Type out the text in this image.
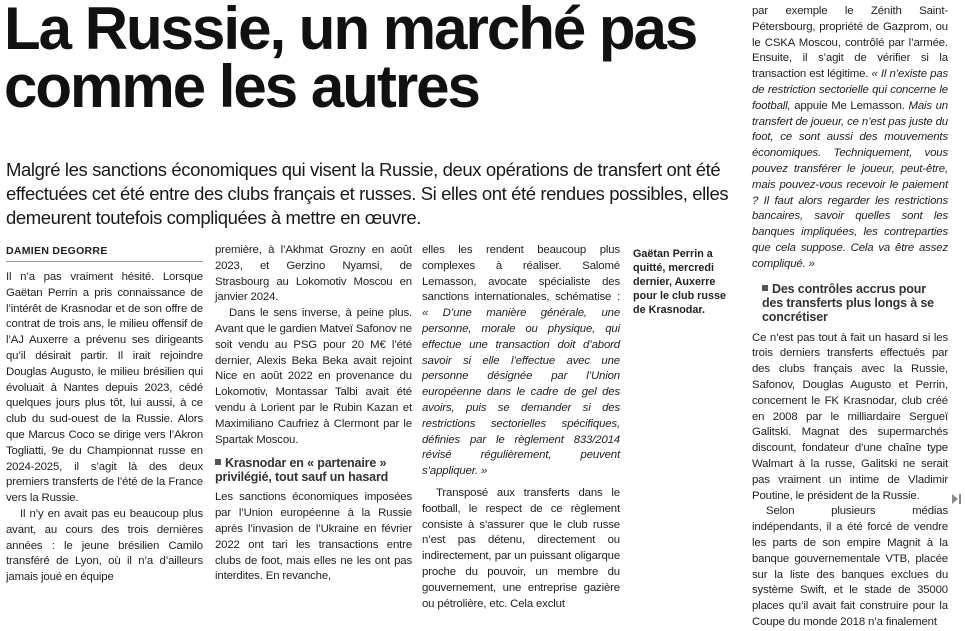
La Russie, un marché pas comme les autres

Malgré les sanctions économiques qui visent la Russie, deux opérations de transfert ont été effectuées cet été entre des clubs français et russes. Si elles ont été rendues possibles, elles demeurent toutefois compliquées à mettre en œuvre.

DAMIEN DEGORRE

Il n’a pas vraiment hésité. Lorsque Gaëtan Perrin a pris connaissance de l’intérêt de Krasnodar et de son offre de contrat de trois ans, le milieu offensif de l’AJ Auxerre a prévenu ses dirigeants qu’il désirait partir. Il irait rejoindre Douglas Augusto, le milieu brésilien qui évoluait à Nantes depuis 2023, cédé quelques jours plus tôt, lui aussi, à ce club du sud-ouest de la Russie. Alors que Marcus Coco se dirige vers l’Akron Togliatti, 9e du Championnat russe en 2024-2025, il s’agit là des deux premiers transferts de l’été de la France vers la Russie.

Il n’y en avait pas eu beaucoup plus avant, au cours des trois dernières années : le jeune brésilien Camilo transféré de Lyon, où il n’a d’ailleurs jamais joué en équipe

première, à l’Akhmat Grozny en août 2023, et Gerzino Nyamsi, de Strasbourg au Lokomotiv Moscou en janvier 2024.

Dans le sens inverse, à peine plus. Avant que le gardien Matveï Safonov ne soit vendu au PSG pour 20 M€ l’été dernier, Alexis Beka Beka avait rejoint Nice en août 2022 en provenance du Lokomotiv, Montassar Talbi avait été vendu à Lorient par le Rubin Kazan et Maximiliano Caufriez à Clermont par le Spartak Moscou.

Krasnodar en « partenaire » privilégié, tout sauf un hasard

Les sanctions économiques imposées par l’Union européenne à la Russie après l’invasion de l’Ukraine en février 2022 ont tari les transactions entre clubs de foot, mais elles ne les ont pas interdites. En revanche,

elles les rendent beaucoup plus complexes à réaliser. Salomé Lemasson, avocate spécialiste des sanctions internationales, schématise : « D’une manière générale, une personne, morale ou physique, qui effectue une transaction doit d’abord savoir si elle l’effectue avec une personne désignée par l’Union européenne dans le cadre de gel des avoirs, puis se demander si des restrictions sectorielles spécifiques, définies par le règlement 833/2014 révisé régulièrement, peuvent s’appliquer. »

Transposé aux transferts dans le football, le respect de ce règlement consiste à s’assurer que le club russe n’est pas détenu, directement ou indirectement, par un puissant oligarque proche du pouvoir, un membre du gouvernement, une entreprise gazière ou pétrolière, etc. Cela exclut

Gaëtan Perrin a quitté, mercredi dernier, Auxerre pour le club russe de Krasnodar.

par exemple le Zénith Saint-Pétersbourg, propriété de Gazprom, ou le CSKA Moscou, contrôlé par l’armée. Ensuite, il s’agit de vérifier si la transaction est légitime. « Il n’existe pas de restriction sectorielle qui concerne le football, appuie Me Lemasson. Mais un transfert de joueur, ce n’est pas juste du foot, ce sont aussi des mouvements économiques. Techniquement, vous pouvez transférer le joueur, peut-être, mais pouvez-vous recevoir le paiement ? Il faut alors regarder les restrictions bancaires, savoir quelles sont les banques impliquées, les contreparties que cela suppose. Cela va être assez compliqué. »

Des contrôles accrus pour des transferts plus longs à se concrétiser

Ce n’est pas tout à fait un hasard si les trois derniers transferts effectués par des clubs français avec la Russie, Safonov, Douglas Augusto et Perrin, concernent le FK Krasnodar, club créé en 2008 par le milliardaire Sergueï Galitski. Magnat des supermarchés discount, fondateur d’une chaîne type Walmart à la russe, Galitski ne serait pas vraiment un intime de Vladimir Poutine, le président de la Russie.

Selon plusieurs médias indépendants, il a été forcé de vendre les parts de son empire Magnit à la banque gouvernementale VTB, placée sur la liste des banques exclues du système Swift, et le stade de 35000 places qu’il avait fait construire pour la Coupe du monde 2018 n’a finalement
